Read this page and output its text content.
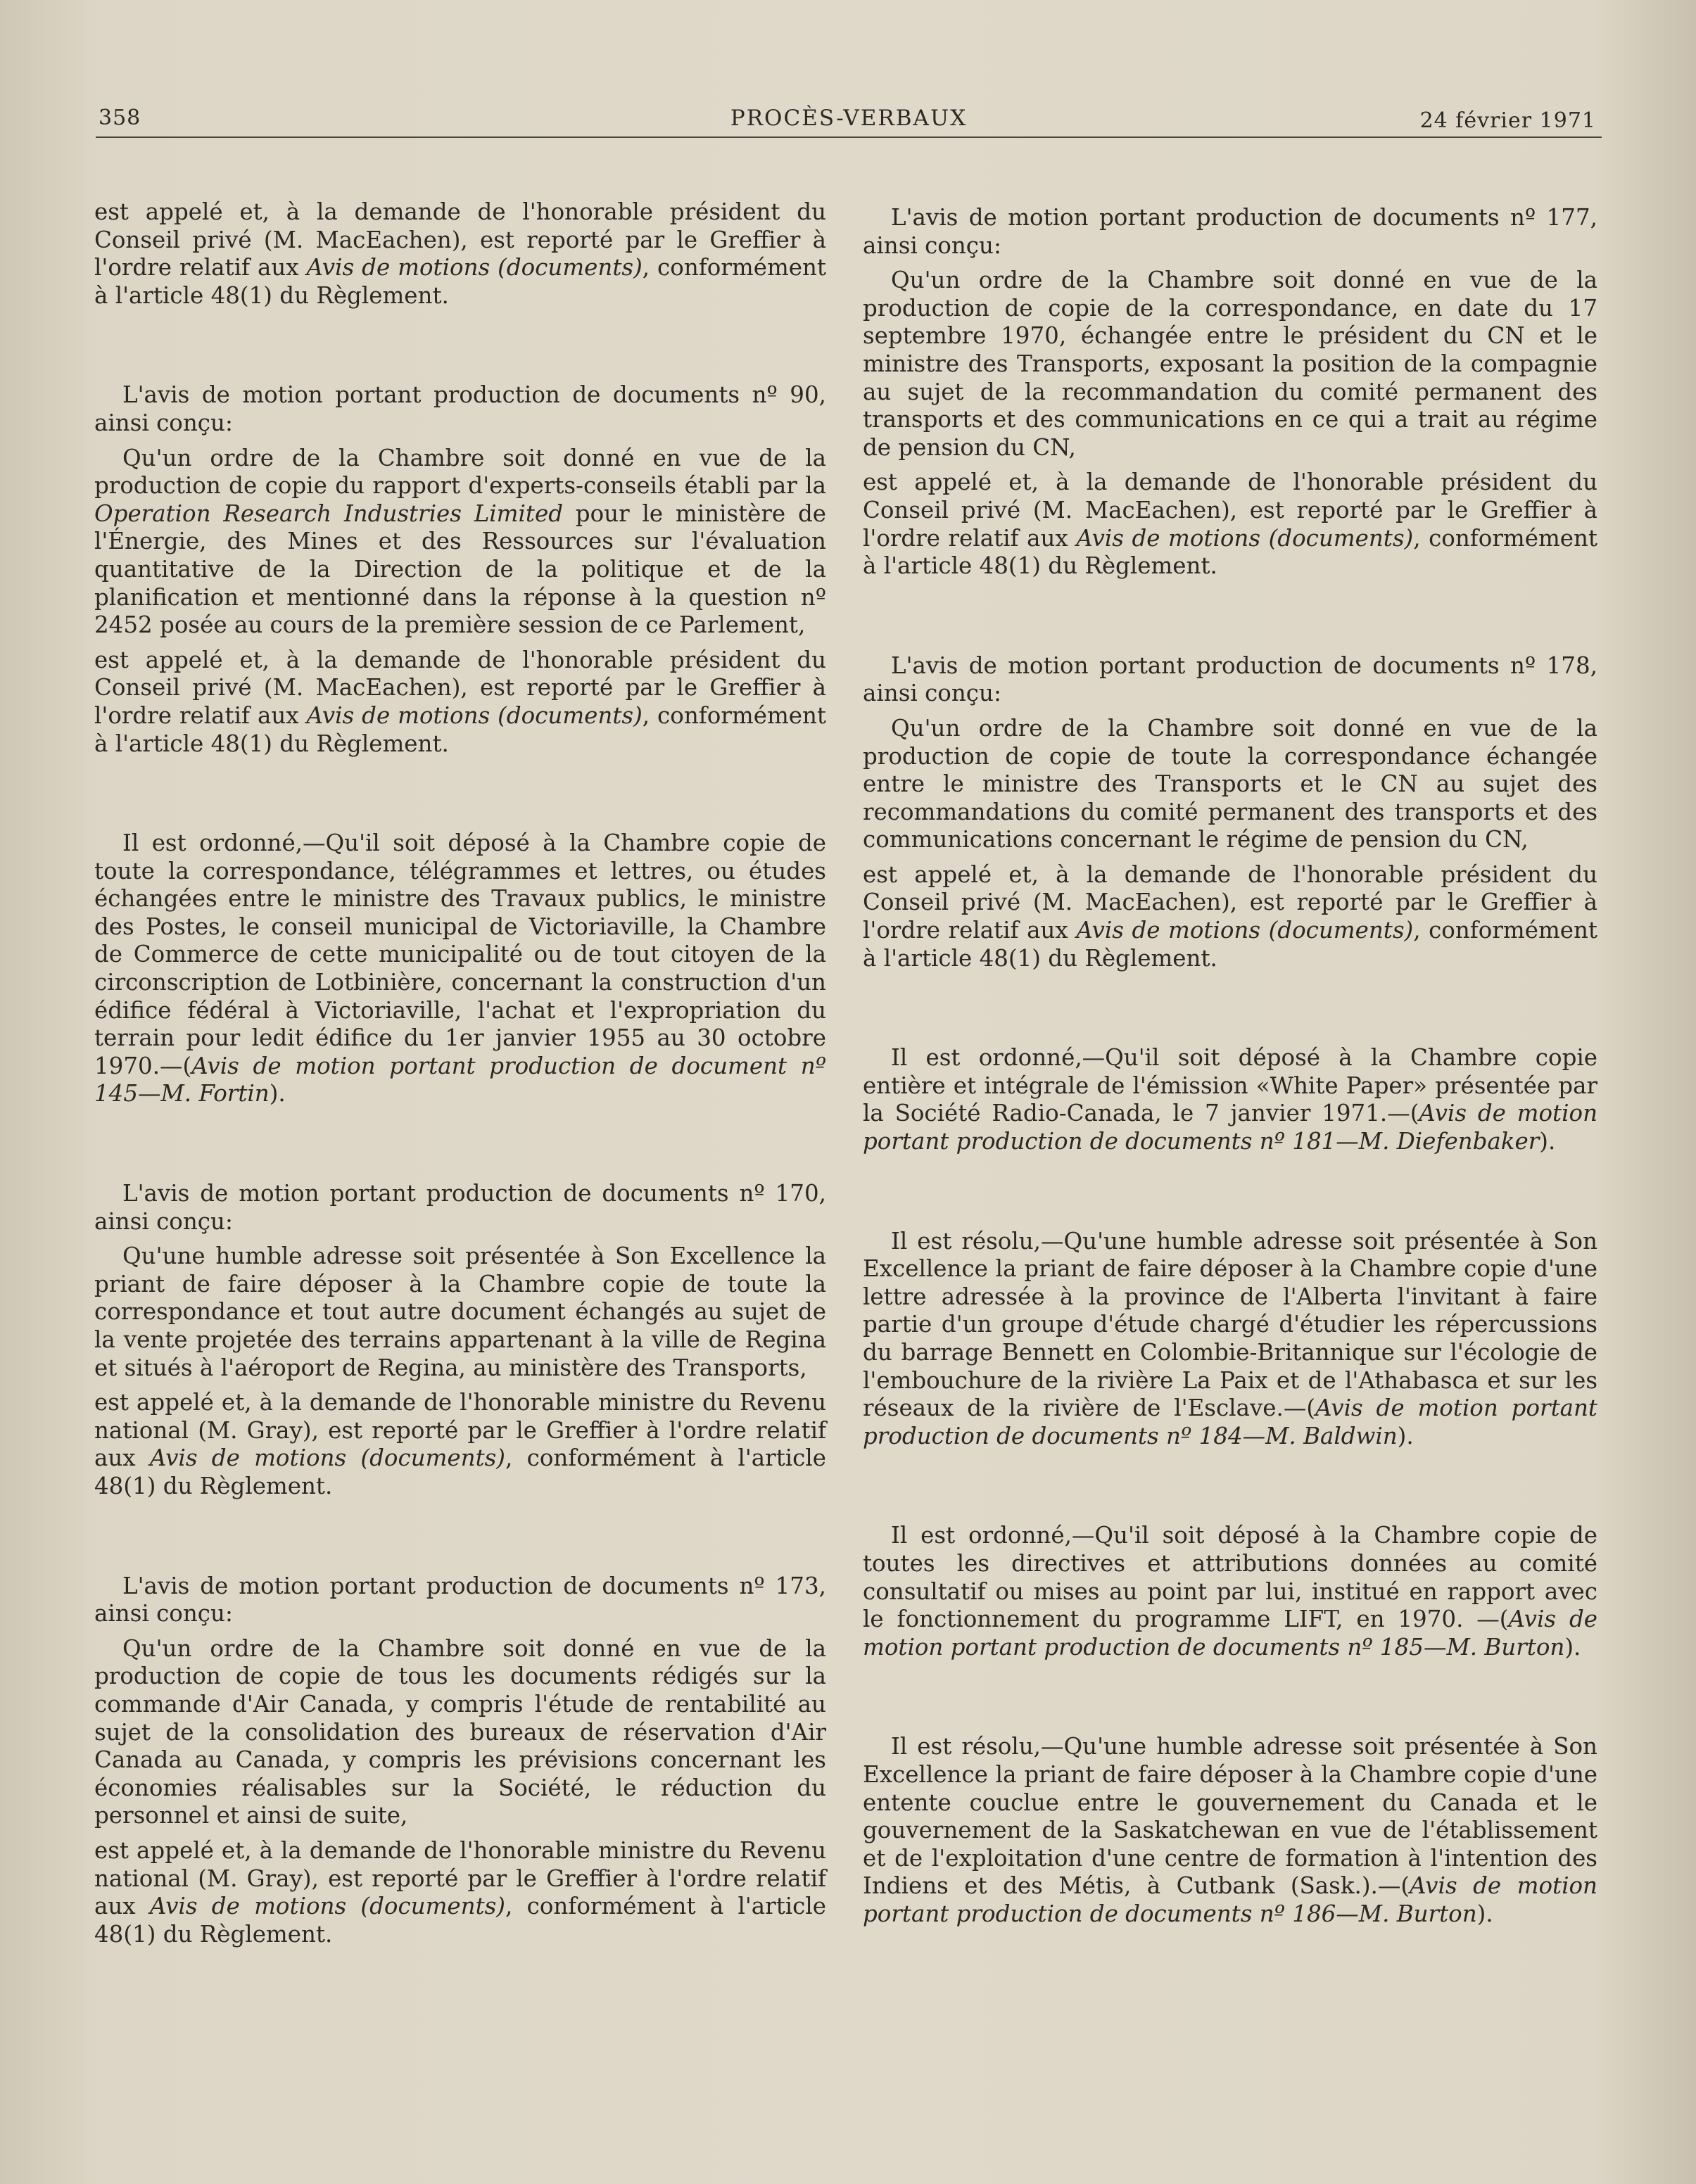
358	PROCÈS-VERBAUX	24 février 1971

est appelé et, à la demande de l'honorable président du Conseil privé (M. MacEachen), est reporté par le Greffier à l'ordre relatif aux Avis de motions (documents), conformément à l'article 48(1) du Règlement.

L'avis de motion portant production de documents nº 90, ainsi conçu:

Qu'un ordre de la Chambre soit donné en vue de la production de copie du rapport d'experts-conseils établi par la Operation Research Industries Limited pour le ministère de l'Énergie, des Mines et des Ressources sur l'évaluation quantitative de la Direction de la politique et de la planification et mentionné dans la réponse à la question nº 2452 posée au cours de la première session de ce Parlement,

est appelé et, à la demande de l'honorable président du Conseil privé (M. MacEachen), est reporté par le Greffier à l'ordre relatif aux Avis de motions (documents), conformément à l'article 48(1) du Règlement.

Il est ordonné,—Qu'il soit déposé à la Chambre copie de toute la correspondance, télégrammes et lettres, ou études échangées entre le ministre des Travaux publics, le ministre des Postes, le conseil municipal de Victoriaville, la Chambre de Commerce de cette municipalité ou de tout citoyen de la circonscription de Lotbinière, concernant la construction d'un édifice fédéral à Victoriaville, l'achat et l'expropriation du terrain pour ledit édifice du 1er janvier 1955 au 30 octobre 1970.—(Avis de motion portant production de document nº 145—M. Fortin).

L'avis de motion portant production de documents nº 170, ainsi conçu:

Qu'une humble adresse soit présentée à Son Excellence la priant de faire déposer à la Chambre copie de toute la correspondance et tout autre document échangés au sujet de la vente projetée des terrains appartenant à la ville de Regina et situés à l'aéroport de Regina, au ministère des Transports,

est appelé et, à la demande de l'honorable ministre du Revenu national (M. Gray), est reporté par le Greffier à l'ordre relatif aux Avis de motions (documents), conformément à l'article 48(1) du Règlement.

L'avis de motion portant production de documents nº 173, ainsi conçu:

Qu'un ordre de la Chambre soit donné en vue de la production de copie de tous les documents rédigés sur la commande d'Air Canada, y compris l'étude de rentabilité au sujet de la consolidation des bureaux de réservation d'Air Canada au Canada, y compris les prévisions concernant les économies réalisables sur la Société, le réduction du personnel et ainsi de suite,

est appelé et, à la demande de l'honorable ministre du Revenu national (M. Gray), est reporté par le Greffier à l'ordre relatif aux Avis de motions (documents), conformément à l'article 48(1) du Règlement.

L'avis de motion portant production de documents nº 177, ainsi conçu:

Qu'un ordre de la Chambre soit donné en vue de la production de copie de la correspondance, en date du 17 septembre 1970, échangée entre le président du CN et le ministre des Transports, exposant la position de la compagnie au sujet de la recommandation du comité permanent des transports et des communications en ce qui a trait au régime de pension du CN,

est appelé et, à la demande de l'honorable président du Conseil privé (M. MacEachen), est reporté par le Greffier à l'ordre relatif aux Avis de motions (documents), conformément à l'article 48(1) du Règlement.

L'avis de motion portant production de documents nº 178, ainsi conçu:

Qu'un ordre de la Chambre soit donné en vue de la production de copie de toute la correspondance échangée entre le ministre des Transports et le CN au sujet des recommandations du comité permanent des transports et des communications concernant le régime de pension du CN,

est appelé et, à la demande de l'honorable président du Conseil privé (M. MacEachen), est reporté par le Greffier à l'ordre relatif aux Avis de motions (documents), conformément à l'article 48(1) du Règlement.

Il est ordonné,—Qu'il soit déposé à la Chambre copie entière et intégrale de l'émission «White Paper» présentée par la Société Radio-Canada, le 7 janvier 1971.—(Avis de motion portant production de documents nº 181—M. Diefenbaker).

Il est résolu,—Qu'une humble adresse soit présentée à Son Excellence la priant de faire déposer à la Chambre copie d'une lettre adressée à la province de l'Alberta l'invitant à faire partie d'un groupe d'étude chargé d'étudier les répercussions du barrage Bennett en Colombie-Britannique sur l'écologie de l'embouchure de la rivière La Paix et de l'Athabasca et sur les réseaux de la rivière de l'Esclave.—(Avis de motion portant production de documents nº 184—M. Baldwin).

Il est ordonné,—Qu'il soit déposé à la Chambre copie de toutes les directives et attributions données au comité consultatif ou mises au point par lui, institué en rapport avec le fonctionnement du programme LIFT, en 1970. —(Avis de motion portant production de documents nº 185—M. Burton).

Il est résolu,—Qu'une humble adresse soit présentée à Son Excellence la priant de faire déposer à la Chambre copie d'une entente couclue entre le gouvernement du Canada et le gouvernement de la Saskatchewan en vue de l'établissement et de l'exploitation d'une centre de formation à l'intention des Indiens et des Métis, à Cutbank (Sask.).—(Avis de motion portant production de documents nº 186—M. Burton).
